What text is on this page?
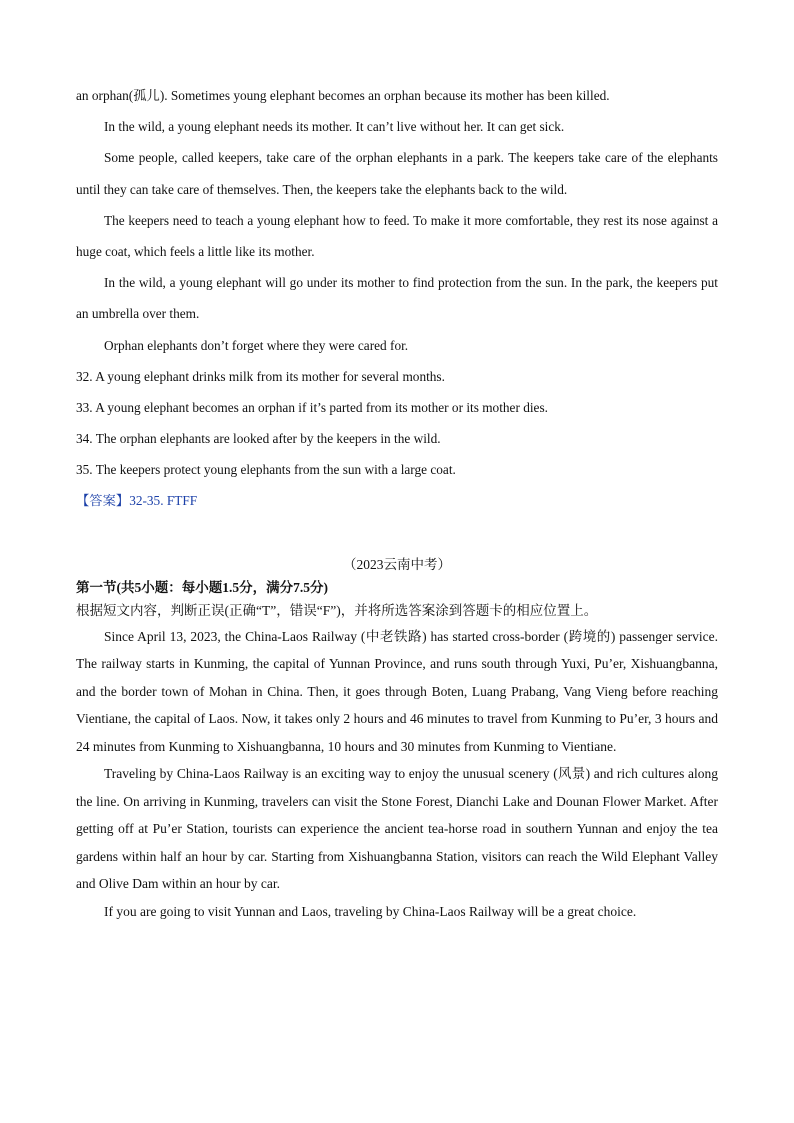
an orphan(孤儿). Sometimes young elephant becomes an orphan because its mother has been killed.

In the wild, a young elephant needs its mother. It can’t live without her. It can get sick.

Some people, called keepers, take care of the orphan elephants in a park. The keepers take care of the elephants until they can take care of themselves. Then, the keepers take the elephants back to the wild.

The keepers need to teach a young elephant how to feed. To make it more comfortable, they rest its nose against a huge coat, which feels a little like its mother.

In the wild, a young elephant will go under its mother to find protection from the sun. In the park, the keepers put an umbrella over them.

Orphan elephants don’t forget where they were cared for.

32. A young elephant drinks milk from its mother for several months.

33. A young elephant becomes an orphan if it’s parted from its mother or its mother dies.

34. The orphan elephants are looked after by the keepers in the wild.

35. The keepers protect young elephants from the sun with a large coat.

【答案】32-35. FTFF
（2023云南中考）
第一节(共5小题：每小题1.5分，满分7.5分)
根据短文内容，判断正误(正确“T”，错误“F”)，并将所选答案涂到答题卡的相应位置上。

Since April 13, 2023, the China-Laos Railway (中老铁路) has started cross-border (跨境的) passenger service. The railway starts in Kunming, the capital of Yunnan Province, and runs south through Yuxi, Pu’er, Xishuangbanna, and the border town of Mohan in China. Then, it goes through Boten, Luang Prabang, Vang Vieng before reaching Vientiane, the capital of Laos. Now, it takes only 2 hours and 46 minutes to travel from Kunming to Pu’er, 3 hours and 24 minutes from Kunming to Xishuangbanna, 10 hours and 30 minutes from Kunming to Vientiane.

Traveling by China-Laos Railway is an exciting way to enjoy the unusual scenery (风景) and rich cultures along the line. On arriving in Kunming, travelers can visit the Stone Forest, Dianchi Lake and Dounan Flower Market. After getting off at Pu’er Station, tourists can experience the ancient tea-horse road in southern Yunnan and enjoy the tea gardens within half an hour by car. Starting from Xishuangbanna Station, visitors can reach the Wild Elephant Valley and Olive Dam within an hour by car.

If you are going to visit Yunnan and Laos, traveling by China-Laos Railway will be a great choice.
